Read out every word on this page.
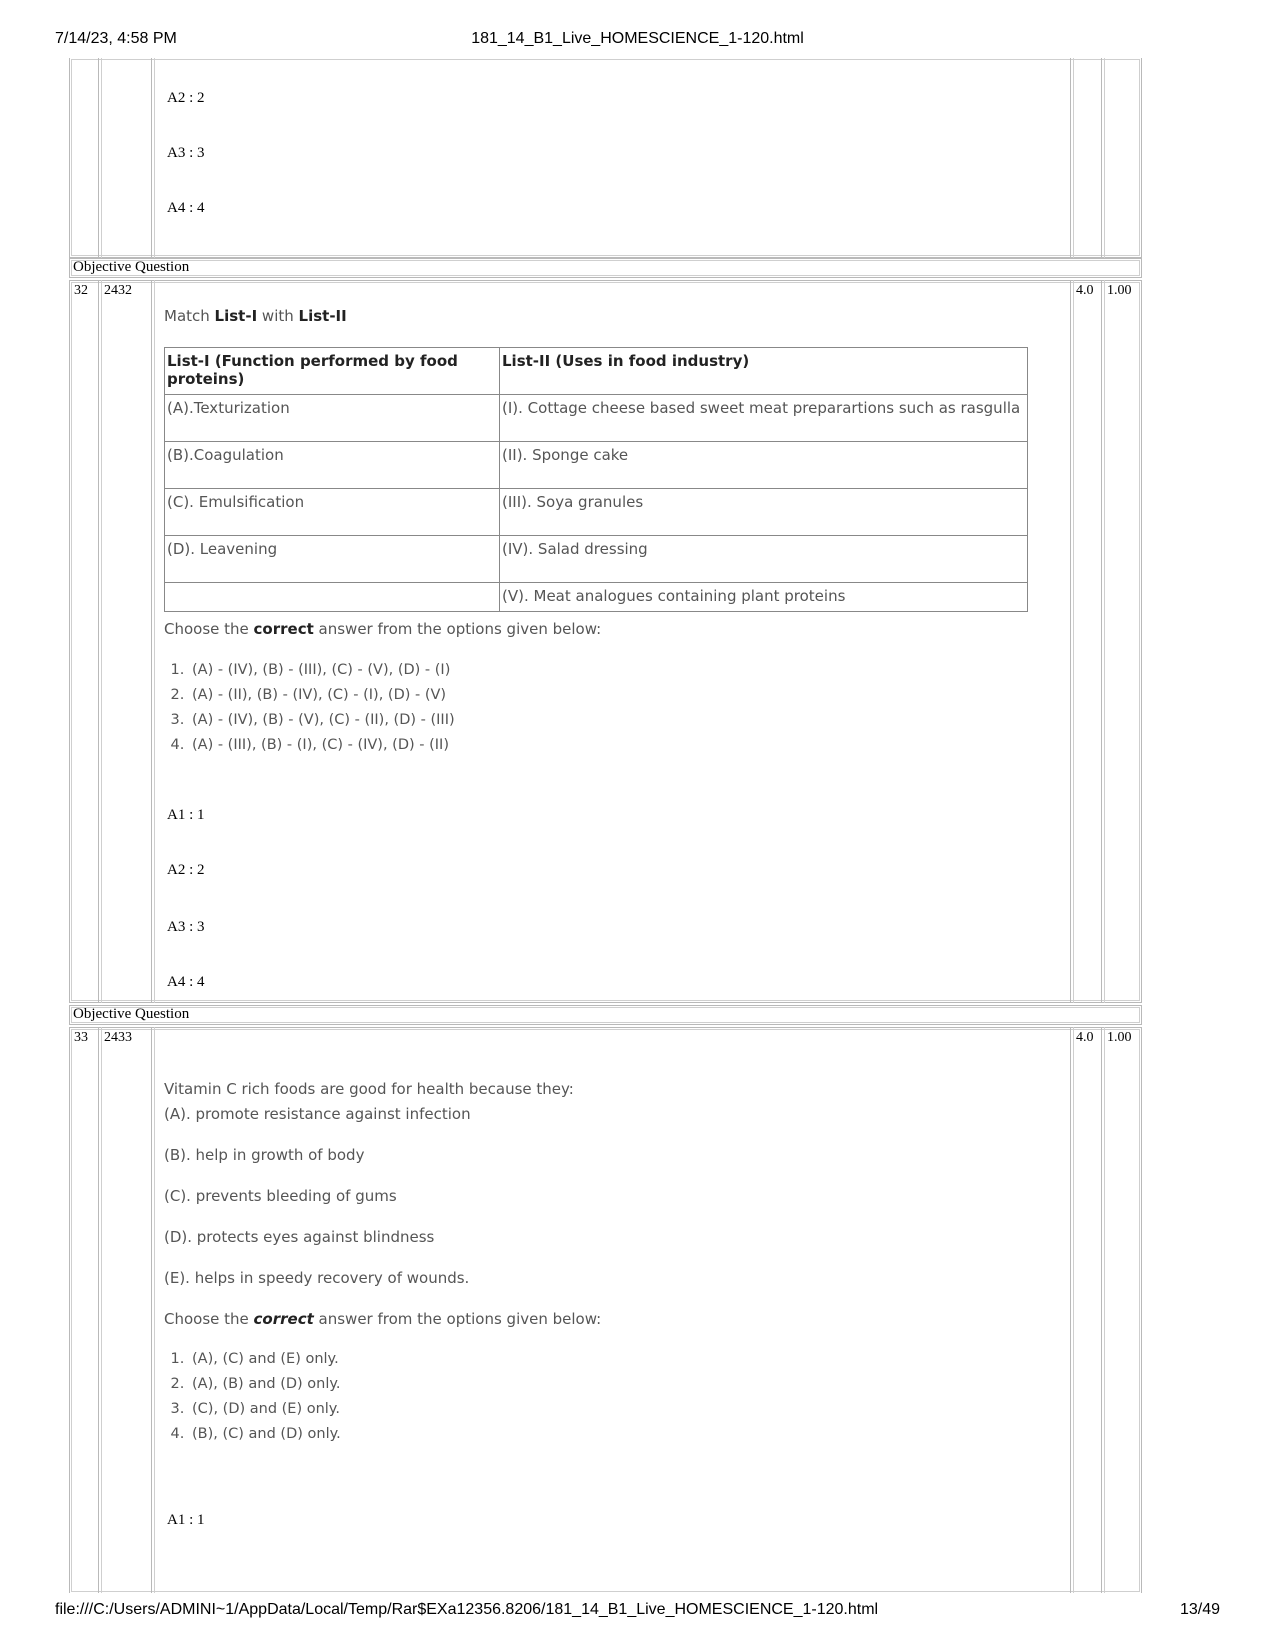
7/14/23, 4:58 PM	181_14_B1_Live_HOMESCIENCE_1-120.html
A2 : 2
A3 : 3
A4 : 4
Objective Question
32 2432	4.0 1.00
Match List-I with List-II
List-I (Function performed by food proteins)	List-II (Uses in food industry)
(A).Texturization	(I). Cottage cheese based sweet meat preparartions such as rasgulla
(B).Coagulation	(II). Sponge cake
(C). Emulsification	(III). Soya granules
(D). Leavening	(IV). Salad dressing
	(V). Meat analogues containing plant proteins
Choose the correct answer from the options given below:
1. (A) - (IV), (B) - (III), (C) - (V), (D) - (I)
2. (A) - (II), (B) - (IV), (C) - (I), (D) - (V)
3. (A) - (IV), (B) - (V), (C) - (II), (D) - (III)
4. (A) - (III), (B) - (I), (C) - (IV), (D) - (II)
A1 : 1
A2 : 2
A3 : 3
A4 : 4
Objective Question
33 2433	4.0 1.00
Vitamin C rich foods are good for health because they:
(A). promote resistance against infection
(B). help in growth of body
(C). prevents bleeding of gums
(D). protects eyes against blindness
(E). helps in speedy recovery of wounds.
Choose the correct answer from the options given below:
1. (A), (C) and (E) only.
2. (A), (B) and (D) only.
3. (C), (D) and (E) only.
4. (B), (C) and (D) only.
A1 : 1
file:///C:/Users/ADMINI~1/AppData/Local/Temp/Rar$EXa12356.8206/181_14_B1_Live_HOMESCIENCE_1-120.html	13/49
